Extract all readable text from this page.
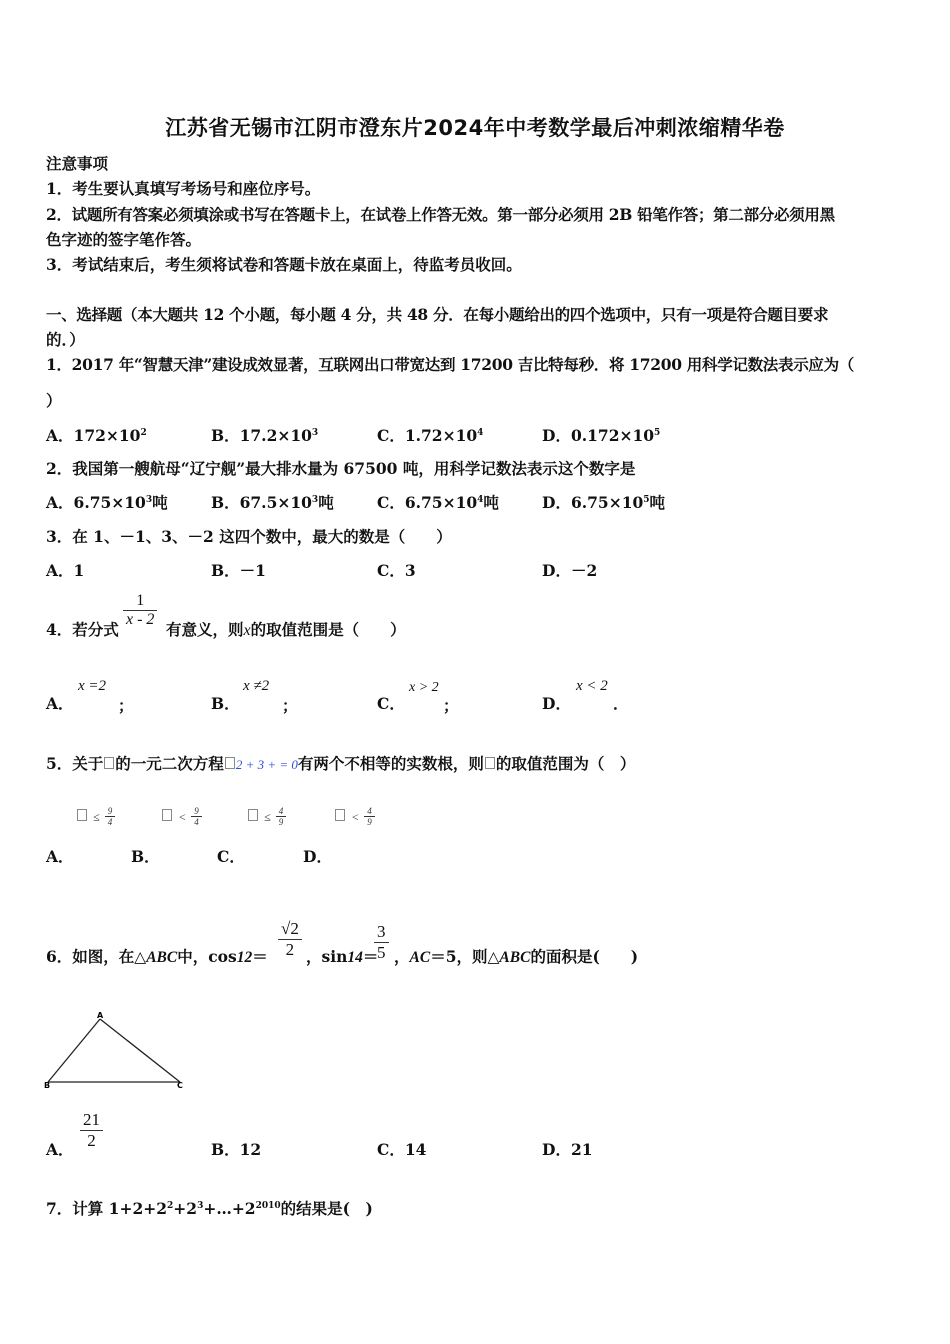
江苏省无锡市江阴市澄东片2024年中考数学最后冲刺浓缩精华卷
注意事项
1．考生要认真填写考场号和座位序号。
2．试题所有答案必须填涂或书写在答题卡上，在试卷上作答无效。第一部分必须用 2B 铅笔作答；第二部分必须用黑
色字迹的签字笔作答。
3．考试结束后，考生须将试卷和答题卡放在桌面上，待监考员收回。
一、选择题（本大题共 12 个小题，每小题 4 分，共 48 分．在每小题给出的四个选项中，只有一项是符合题目要求
的．）
1．2017 年“智慧天津”建设成效显著，互联网出口带宽达到 17200 吉比特每秒．将 17200 用科学记数法表示应为（
）
A．$172\times 10^2$	B．$17.2\times 10^3$	C．$1.72\times 10^4$	D．$0.172\times 10^5$
2．我国第一艘航母“辽宁舰”最大排水量为 67500 吨，用科学记数法表示这个数字是
A．$6.75\times 10^3$吨	B．$67.5\times 10^3$吨	C．$6.75\times 10^4$吨	D．$6.75\times 10^5$吨
3．在 1、－1、3、－2 这四个数中，最大的数是（　　）
A．1	B．－1	C．3	D．－2
4．若分式
$\frac{1}{x - 2}$
有意义，则x的取值范围是（　　）
A．
x =2
；	B．
x ≠2
；	C．
x > 2
；	D．
x < 2
．
5．关于 的一元二次方程 2 + 3 + = 0有两个不相等的实数根，则 的取值范围为（　）
≤ $\frac{9}{4}$	< $\frac{9}{4}$	≤ $\frac{4}{9}$	< $\frac{4}{9}$
A．	B．	C．	D．
6．如图，在△ABC中，$\cos 12= \frac{√2}{2}$ ，sin14＝
$\frac{3}{5}$ ，AC＝5，则△ABC的面积是(　　)
A
B	C
A． $\frac{21}{2}$	B．12	C．14	D．21
7．计算 $1+2+2^2+2^3+\dots+2^{2010}$的结果是(　)
